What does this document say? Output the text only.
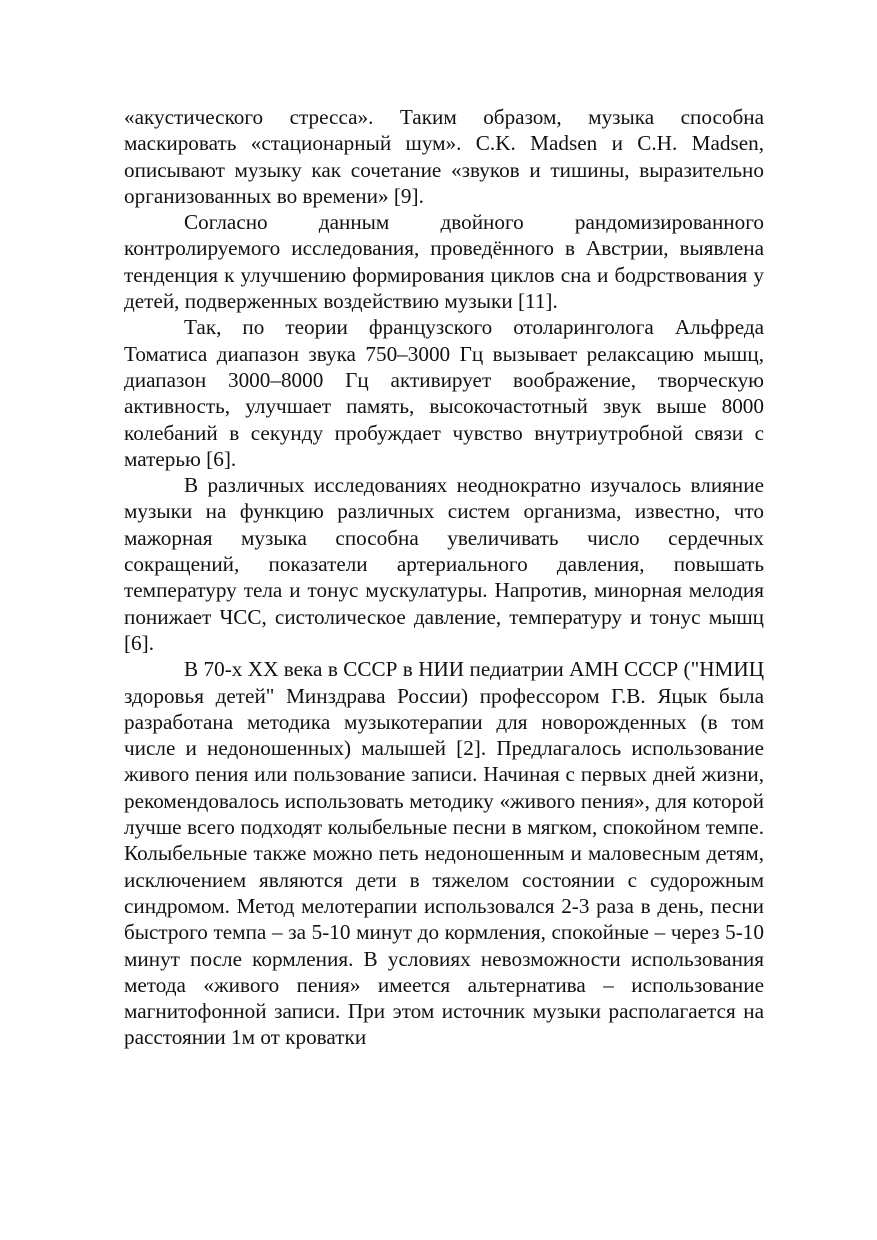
«акустического стресса». Таким образом, музыка способна маскировать «стационарный шум». C.K. Madsen и C.H. Madsen, описывают музыку как сочетание «звуков и тишины, выразительно организованных во времени» [9].

Согласно данным двойного рандомизированного контролируемого исследования, проведённого в Австрии, выявлена тенденция к улучшению формирования циклов сна и бодрствования у детей, подверженных воздействию музыки [11].

Так, по теории французского отоларинголога Альфреда Томатиса диапазон звука 750–3000 Гц вызывает релаксацию мышц, диапазон 3000–8000 Гц активирует воображение, творческую активность, улучшает память, высокочастотный звук выше 8000 колебаний в секунду пробуждает чувство внутриутробной связи с матерью [6].

В различных исследованиях неоднократно изучалось влияние музыки на функцию различных систем организма, известно, что мажорная музыка способна увеличивать число сердечных сокращений, показатели артериального давления, повышать температуру тела и тонус мускулатуры. Напротив, минорная мелодия понижает ЧСС, систолическое давление, температуру и тонус мышц [6].

В 70-х XX века в СССР в НИИ педиатрии АМН СССР ("НМИЦ здоровья детей" Минздрава России) профессором Г.В. Яцык была разработана методика музыкотерапии для новорожденных (в том числе и недоношенных) малышей [2]. Предлагалось использование живого пения или пользование записи. Начиная с первых дней жизни, рекомендовалось использовать методику «живого пения», для которой лучше всего подходят колыбельные песни в мягком, спокойном темпе. Колыбельные также можно петь недоношенным и маловесным детям, исключением являются дети в тяжелом состоянии с судорожным синдромом. Метод мелотерапии использовался 2-3 раза в день, песни быстрого темпа – за 5-10 минут до кормления, спокойные – через 5-10 минут после кормления. В условиях невозможности использования метода «живого пения» имеется альтернатива – использование магнитофонной записи. При этом источник музыки располагается на расстоянии 1м от кроватки
